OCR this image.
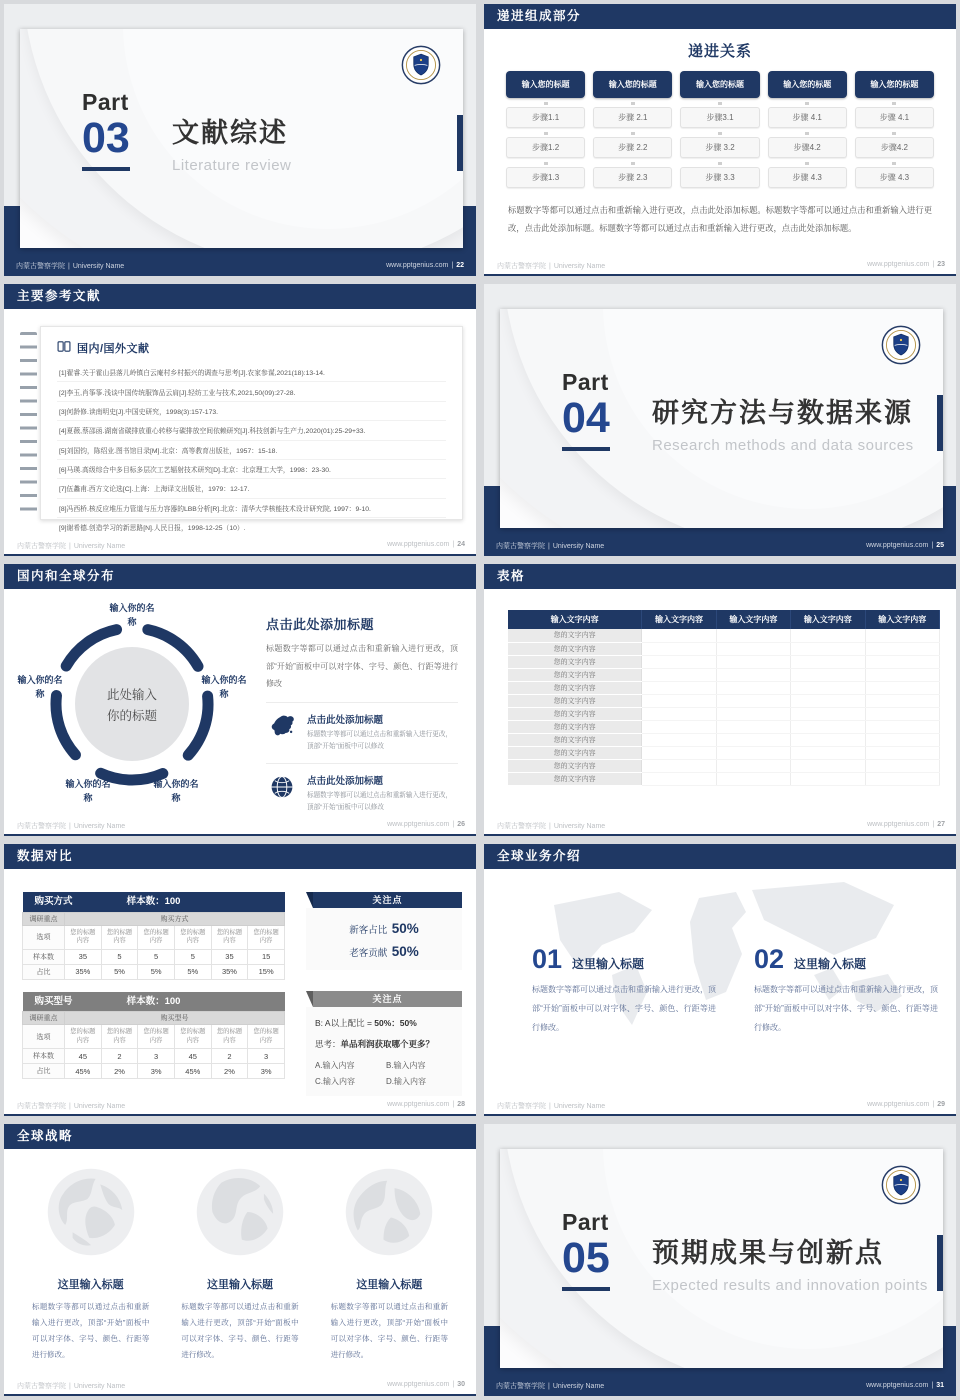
Part
03 文献综述
Literature review
内蒙古警察学院 | University Name	www.pptgenius.com | 22
递进组成部分
递进关系
输入您的标题
步骤1.1
步骤1.2
步骤1.3
输入您的标题
步骤 2.1
步骤 2.2
步骤 2.3
输入您的标题
步骤3.1
步骤 3.2
步骤 3.3
输入您的标题
步骤 4.1
步骤4.2
步骤 4.3
输入您的标题
步骤 4.1
步骤4.2
步骤 4.3

标题数字等都可以通过点击和重新输入进行更改，点击此处添加标题。标题数字等都可以通过点击和重新输入进行更改，点击此处添加标题。标题数字等都可以通过点击和重新输入进行更改，点击此处添加标题。

内蒙古警察学院 | University Name	www.pptgenius.com | 23
主要参考文献
国内/国外文献
[1]翟睿.关于霍山县落儿岭镇白云庵村乡村振兴的调查与思考[J].农家参谋,2021(18):13-14.
[2]李玉,肖筝筝.浅谈中国传统服饰品云肩[J].轻纺工业与技术,2021,50(09):27-28.
[3]何龄修.读南明史[J].中国史研究，1998(3):157-173.
[4]夏薇,蔡邵函.湖南省碳排放重心转移与碳排放空间依赖研究[J].科技创新与生产力,2020(01):25-29+33.
[5]刘国钧，陈绍业.图书馆目录[M].北京：高等教育出版社，1957：15-18.
[6]马瑛.高级综合中多目标多层次工艺辐射技术研究[D].北京：北京理工大学，1998：23-30.
[7]伍蠡甫.西方文论选[C].上海：上海译文出版社，1979：12-17.
[8]冯西桥.核反应堆压力管道与压力容器的LBB分析[R].北京：清华大学核能技术设计研究院, 1997：9-10.
[9]谢希德.创造学习的新思路[N].人民日报，1998-12-25（10）.
内蒙古警察学院 | University Name	www.pptgenius.com | 24
Part
04 研究方法与数据来源
Research methods and data sources
内蒙古警察学院 | University Name	www.pptgenius.com | 25
国内和全球分布
此处输入你的标题
输入你的名称
输入你的名称
输入你的名称
输入你的名称
输入你的名称
点击此处添加标题
标题数字等都可以通过点击和重新输入进行更改，顶部“开始”面板中可以对字体、字号、颜色、行距等进行修改
点击此处添加标题
标题数字等都可以通过点击和重新输入进行更改，顶部“开始”面板中可以修改
点击此处添加标题
标题数字等都可以通过点击和重新输入进行更改，顶部“开始”面板中可以修改
内蒙古警察学院 | University Name	www.pptgenius.com | 26
表格
输入文字内容	输入文字内容	输入文字内容	输入文字内容	输入文字内容
您的文字内容				
您的文字内容				
您的文字内容				
您的文字内容				
您的文字内容				
您的文字内容				
您的文字内容				
您的文字内容				
您的文字内容				
您的文字内容				
您的文字内容				
您的文字内容				
内蒙古警察学院 | University Name	www.pptgenius.com | 27
数据对比
购买方式 样本数：100						

调研重点	购买方式					
选项	您的标题内容	您的标题内容	您的标题内容	您的标题内容	您的标题内容	您的标题内容
样本数	35	5	5	5	35	15
占比	35%	5%	5%	5%	35%	15%
购买型号 样本数：100						

调研重点	购买型号					
选项	您的标题内容	您的标题内容	您的标题内容	您的标题内容	您的标题内容	您的标题内容
样本数	45	2	3	45	2	3
占比	45%	2%	3%	45%	2%	3%
关注点
新客占比 50%
老客贡献 50%
关注点
B: A以上配比 = 50%：50%
思考：单品利润获取哪个更多？
A.输入内容	B.输入内容
C.输入内容	D.输入内容
内蒙古警察学院 | University Name	www.pptgenius.com | 28
全球业务介绍
01 这里输入标题
标题数字等都可以通过点击和重新输入进行更改，顶部“开始”面板中可以对字体、字号、颜色、行距等进行修改。
02 这里输入标题
标题数字等都可以通过点击和重新输入进行更改，顶部“开始”面板中可以对字体、字号、颜色、行距等进行修改。
内蒙古警察学院 | University Name	www.pptgenius.com | 29
全球战略
这里输入标题
标题数字等都可以通过点击和重新输入进行更改，顶部“开始”面板中可以对字体、字号、颜色、行距等进行修改。
这里输入标题
标题数字等都可以通过点击和重新输入进行更改，顶部“开始”面板中可以对字体、字号、颜色、行距等进行修改。
这里输入标题
标题数字等都可以通过点击和重新输入进行更改，顶部“开始”面板中可以对字体、字号、颜色、行距等进行修改。
内蒙古警察学院 | University Name	www.pptgenius.com | 30
Part
05 预期成果与创新点
Expected results and innovation points
内蒙古警察学院 | University Name	www.pptgenius.com | 31
